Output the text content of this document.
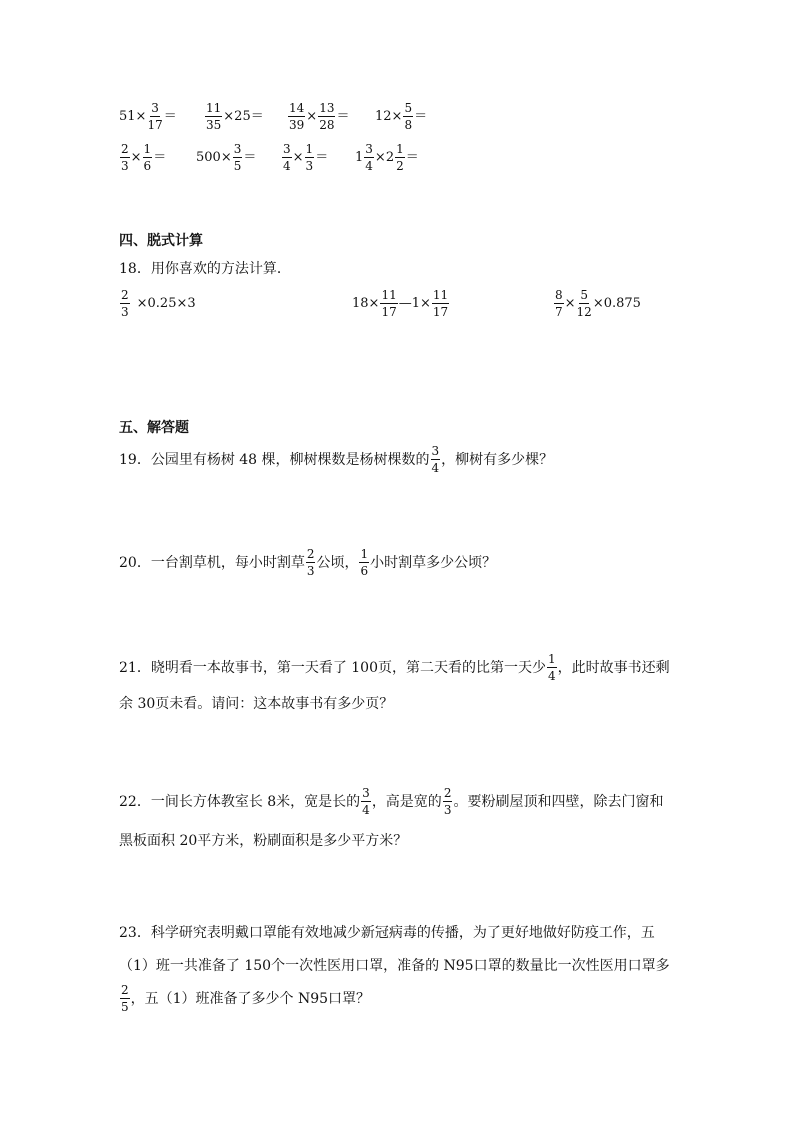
$51\times \frac{3}{17} = \frac{11}{35} \times 25= \frac{14}{39} \times \frac{13}{28} = 12\times \frac{5}{8}$ ＝
$\frac{2}{3} \times \frac{1}{6} = 500\times \frac{3}{5} = \frac{3}{4} \times \frac{1}{3} = 1 \frac{3}{4} \times 2 \frac{1}{2}$ ＝
四、脱式计算
18．用你喜欢的方法计算．
$\frac{2}{3} \times 0.25\times 3$	$18\times \frac{11}{17}$ —1× $\frac{11}{17}$	$\frac{8}{7} \times \frac{5}{12} \times 0.875$
五、解答题
19．公园里有杨树 48 棵，柳树棵数是杨树棵数的 $\frac{3}{4}$ ，柳树有多少棵？
20．一台割草机，每小时割草 $\frac{2}{3}$ 公顷， $\frac{1}{6}$ 小时割草多少公顷？
21．晓明看一本故事书，第一天看了 100页，第二天看的比第一天少 $\frac{1}{4}$ ，此时故事书还剩
余 30页未看。请问：这本故事书有多少页？
22．一间长方体教室长 8米，宽是长的 $\frac{3}{4}$ ，高是宽的 $\frac{2}{3}$ 。要粉刷屋顶和四壁，除去门窗和
黑板面积 20平方米，粉刷面积是多少平方米？
23．科学研究表明戴口罩能有效地减少新冠病毒的传播，为了更好地做好防疫工作，五
（1）班一共准备了 150个一次性医用口罩，准备的 N95口罩的数量比一次性医用口罩多
$\frac{2}{5}$ ，五（1）班准备了多少个 N95口罩？
